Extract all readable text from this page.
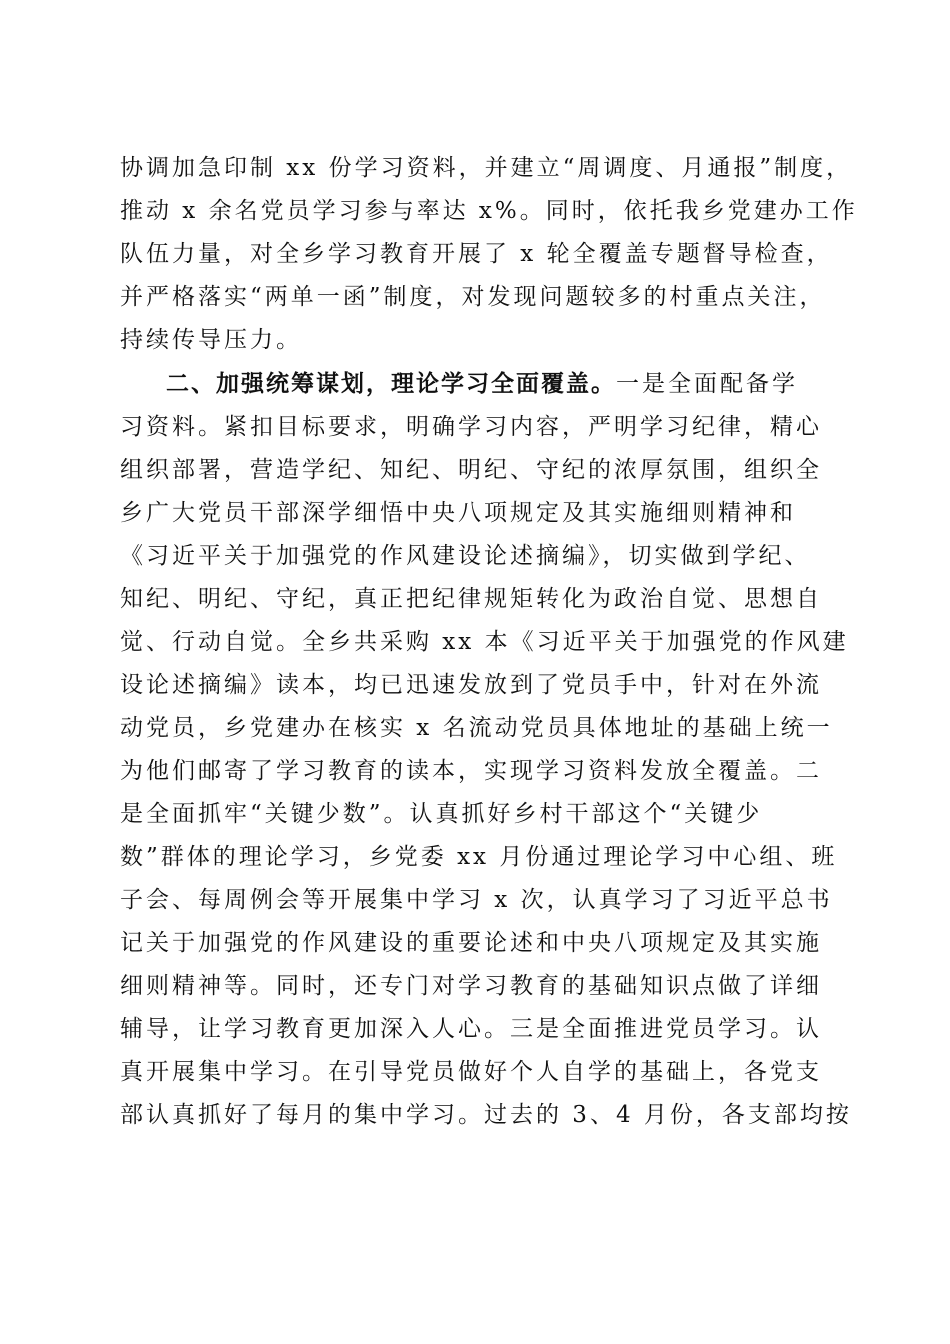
协调加急印制 xx 份学习资料，并建立“周调度、月通报”制度，
推动 x 余名党员学习参与率达 x%。同时，依托我乡党建办工作
队伍力量，对全乡学习教育开展了 x 轮全覆盖专题督导检查，
并严格落实“两单一函”制度，对发现问题较多的村重点关注，
持续传导压力。
二、加强统筹谋划，理论学习全面覆盖。一是全面配备学
习资料。紧扣目标要求，明确学习内容，严明学习纪律，精心
组织部署，营造学纪、知纪、明纪、守纪的浓厚氛围，组织全
乡广大党员干部深学细悟中央八项规定及其实施细则精神和
《习近平关于加强党的作风建设论述摘编》，切实做到学纪、
知纪、明纪、守纪，真正把纪律规矩转化为政治自觉、思想自
觉、行动自觉。全乡共采购 xx 本《习近平关于加强党的作风建
设论述摘编》读本，均已迅速发放到了党员手中，针对在外流
动党员，乡党建办在核实 x 名流动党员具体地址的基础上统一
为他们邮寄了学习教育的读本，实现学习资料发放全覆盖。二
是全面抓牢“关键少数”。认真抓好乡村干部这个“关键少
数”群体的理论学习，乡党委 xx 月份通过理论学习中心组、班
子会、每周例会等开展集中学习 x 次，认真学习了习近平总书
记关于加强党的作风建设的重要论述和中央八项规定及其实施
细则精神等。同时，还专门对学习教育的基础知识点做了详细
辅导，让学习教育更加深入人心。三是全面推进党员学习。认
真开展集中学习。在引导党员做好个人自学的基础上，各党支
部认真抓好了每月的集中学习。过去的 3、4 月份，各支部均按
